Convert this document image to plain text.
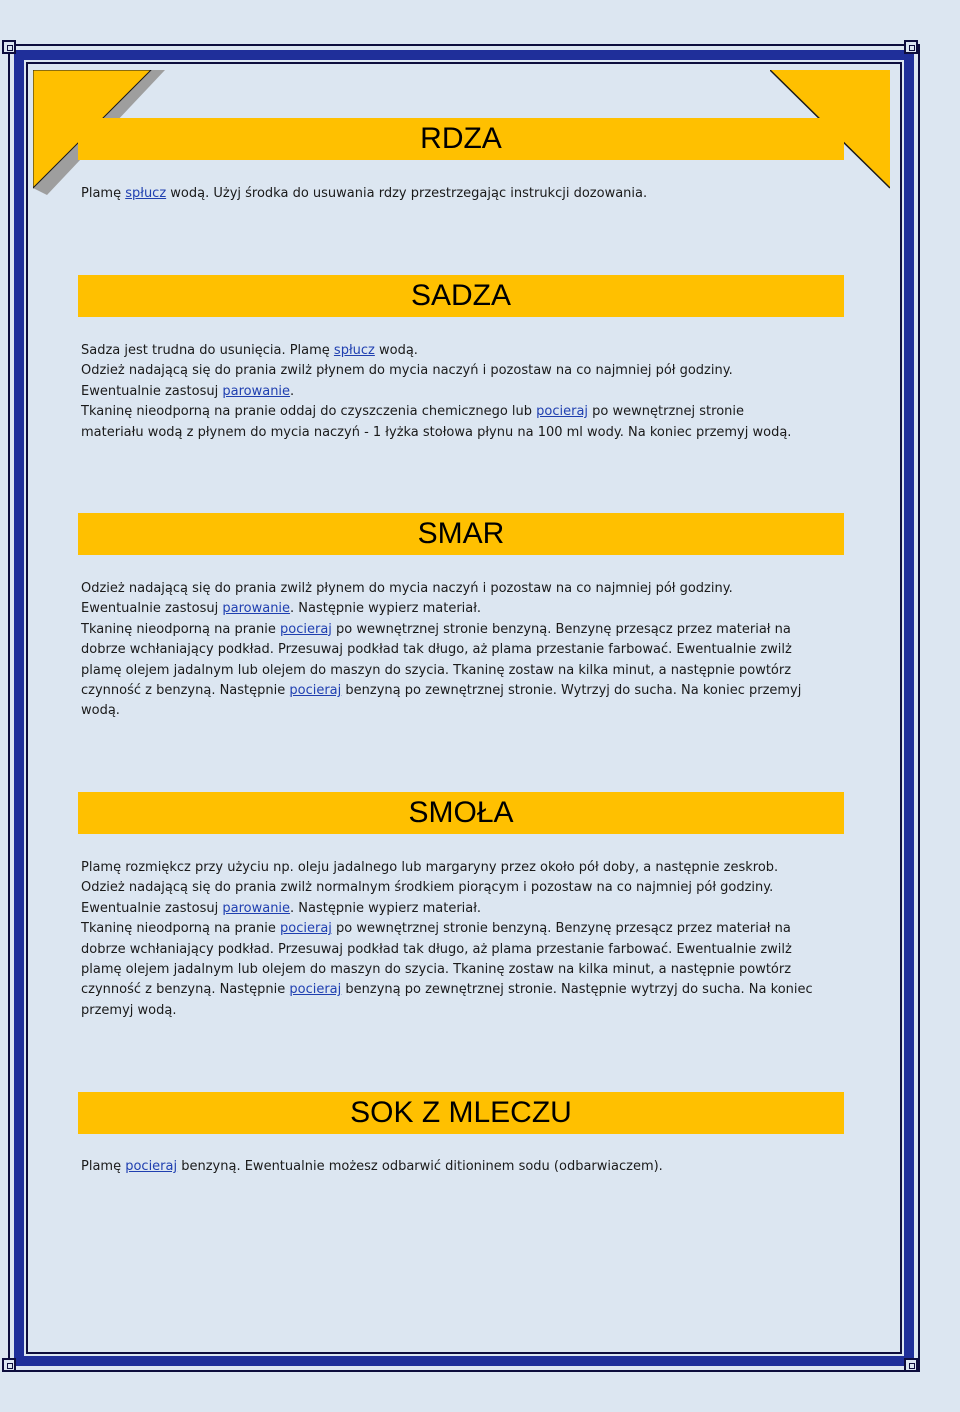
RDZA
Plamę spłucz wodą. Użyj środka do usuwania rdzy przestrzegając instrukcji dozowania.
SADZA
Sadza jest trudna do usunięcia. Plamę spłucz wodą.
Odzież nadającą się do prania zwilż płynem do mycia naczyń i pozostaw na co najmniej pół godziny.
Ewentualnie zastosuj parowanie.
Tkaninę nieodporną na pranie oddaj do czyszczenia chemicznego lub pocieraj po wewnętrznej stronie
materiału wodą z płynem do mycia naczyń - 1 łyżka stołowa płynu na 100 ml wody. Na koniec przemyj wodą.
SMAR
Odzież nadającą się do prania zwilż płynem do mycia naczyń i pozostaw na co najmniej pół godziny.
Ewentualnie zastosuj parowanie. Następnie wypierz materiał.
Tkaninę nieodporną na pranie pocieraj po wewnętrznej stronie benzyną. Benzynę przesącz przez materiał na
dobrze wchłaniający podkład. Przesuwaj podkład tak długo, aż plama przestanie farbować. Ewentualnie zwilż
plamę olejem jadalnym lub olejem do maszyn do szycia. Tkaninę zostaw na kilka minut, a następnie powtórz
czynność z benzyną. Następnie pocieraj benzyną po zewnętrznej stronie. Wytrzyj do sucha. Na koniec przemyj
wodą.
SMOŁA
Plamę rozmiękcz przy użyciu np. oleju jadalnego lub margaryny przez około pół doby, a następnie zeskrob.
Odzież nadającą się do prania zwilż normalnym środkiem piorącym i pozostaw na co najmniej pół godziny.
Ewentualnie zastosuj parowanie. Następnie wypierz materiał.
Tkaninę nieodporną na pranie pocieraj po wewnętrznej stronie benzyną. Benzynę przesącz przez materiał na
dobrze wchłaniający podkład. Przesuwaj podkład tak długo, aż plama przestanie farbować. Ewentualnie zwilż
plamę olejem jadalnym lub olejem do maszyn do szycia. Tkaninę zostaw na kilka minut, a następnie powtórz
czynność z benzyną. Następnie pocieraj benzyną po zewnętrznej stronie. Następnie wytrzyj do sucha. Na koniec
przemyj wodą.
SOK Z MLECZU
Plamę pocieraj benzyną. Ewentualnie możesz odbarwić ditioninem sodu (odbarwiaczem).
